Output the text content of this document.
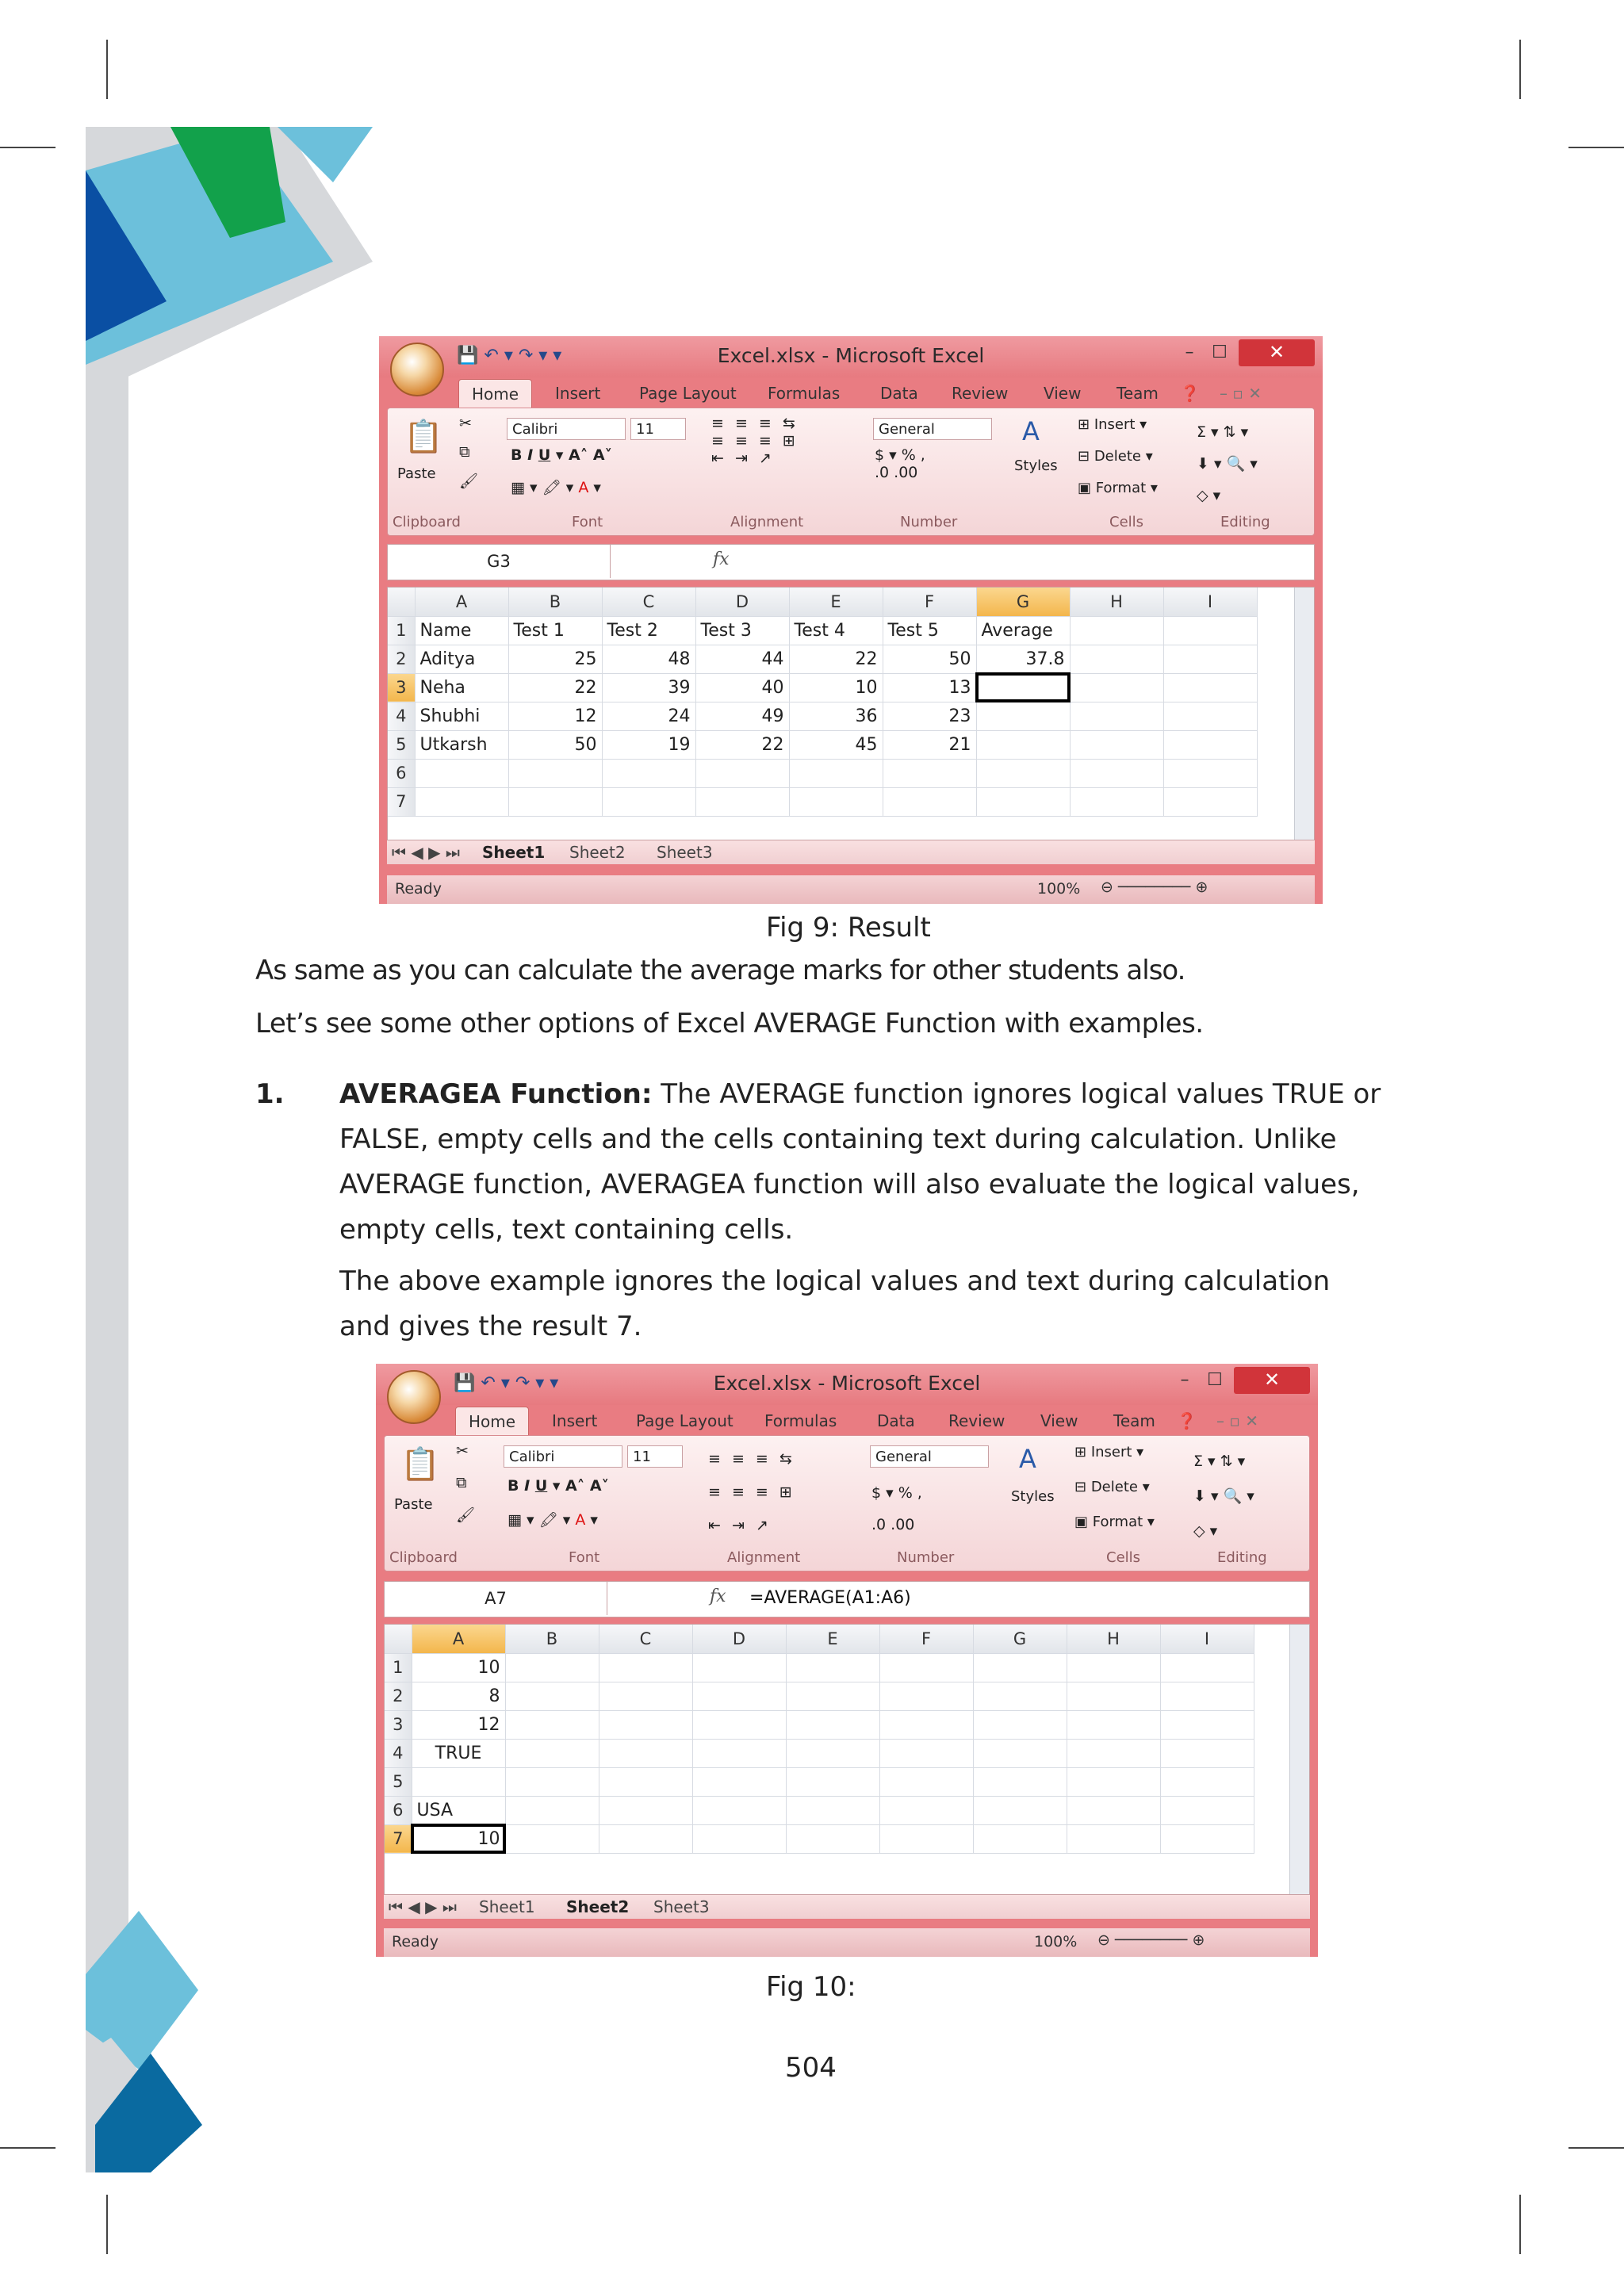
Excel.xlsx - Microsoft Excel
💾 ↶ ▾ ↷ ▾ ▾	–	☐	✕
Home	Insert Page Layout Formulas	Data Review View Team ❓ – ▫ ✕
📋
Paste
✂
⧉
🖌
Calibri	11
B I U ▾ A˄ A˅
▦ ▾ 🖍 ▾ A ▾
≡ ≡ ≡ ⇆
≡ ≡ ≡ ⊞
⇤ ⇥ ↗
General
$ ▾ % ,
.0 .00
A
Styles
⊞ Insert ▾
⊟ Delete ▾
▣ Format ▾
Σ ▾ ⇅ ▾
⬇ ▾ 🔍 ▾
◇ ▾
Clipboard	Font	Alignment	Number	Cells	Editing
G3	fx
	A	B	C	D	E	F	G	H	I
1	Name	Test 1	Test 2	Test 3	Test 4	Test 5	Average		
2	Aditya	25	48	44	22	50	37.8		
3	Neha	22	39	40	10	13			
4	Shubhi	12	24	49	36	23			
5	Utkarsh	50	19	22	45	21			
6									
7									
⏮ ◀ ▶ ⏭ Sheet1 Sheet2 Sheet3
Ready	100% ⊖ ──────── ⊕
Fig 9: Result
As same as you can calculate the average marks for other students also.
Let’s see some other options of Excel AVERAGE Function with examples.
1. AVERAGEA Function: The AVERAGE function ignores logical values TRUE or
FALSE, empty cells and the cells containing text during calculation. Unlike
AVERAGE function, AVERAGEA function will also evaluate the logical values,
empty cells, text containing cells.
The above example ignores the logical values and text during calculation
and gives the result 7.
Excel.xlsx - Microsoft Excel
💾 ↶ ▾ ↷ ▾ ▾	–	☐	✕
Home	Insert Page Layout Formulas	Data Review View Team ❓ – ▫ ✕
📋
Paste
✂
⧉
🖌
Calibri	11
B I U ▾ A˄ A˅
▦ ▾ 🖍 ▾ A ▾
≡ ≡ ≡ ⇆
≡ ≡ ≡ ⊞
⇤ ⇥ ↗
General
$ ▾ % ,
.0 .00
A
Styles
⊞ Insert ▾
⊟ Delete ▾
▣ Format ▾
Σ ▾ ⇅ ▾
⬇ ▾ 🔍 ▾
◇ ▾
Clipboard	Font	Alignment	Number	Cells	Editing
A7	fx =AVERAGE(A1:A6)
	A	B	C	D	E	F	G	H	I
1	10								
2	8								
3	12								
4	TRUE								
5									
6	USA								
7	10								
⏮ ◀ ▶ ⏭ Sheet1 Sheet2 Sheet3
Ready	100% ⊖ ──────── ⊕
Fig 10:
504
